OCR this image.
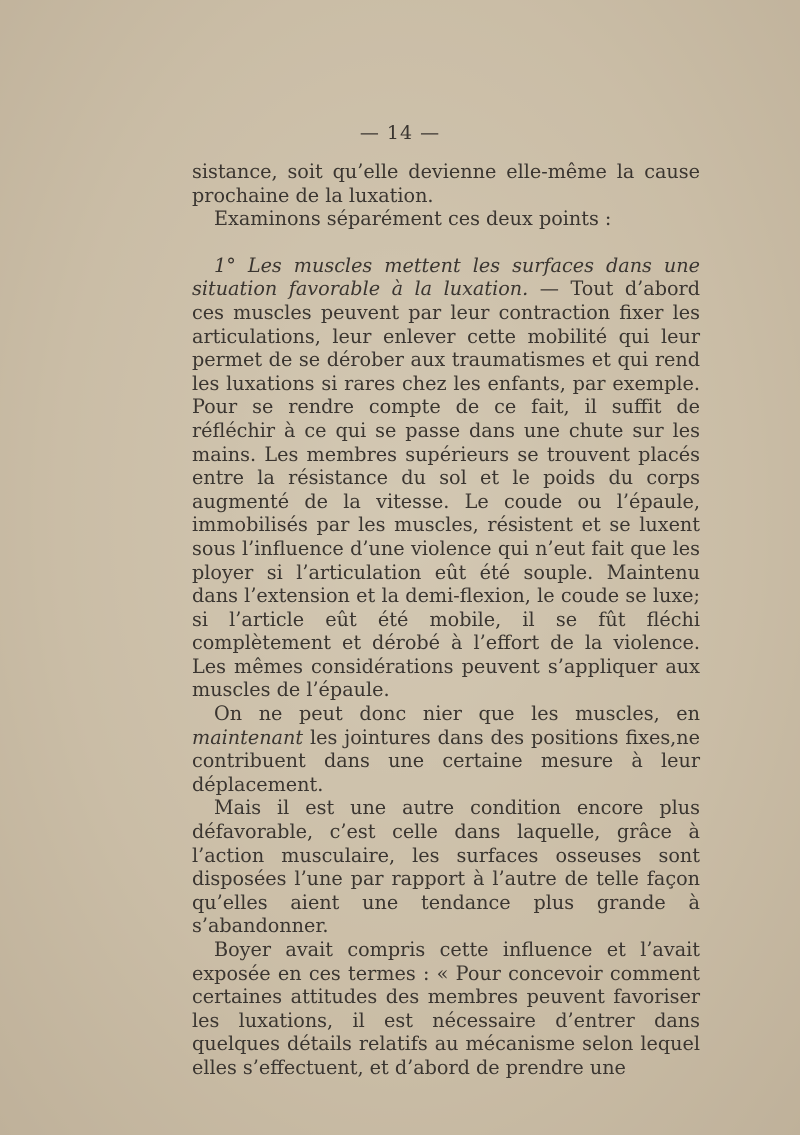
— 14 —

sistance, soit qu’elle devienne elle-même la cause prochaine de la luxation.

Examinons séparément ces deux points :

1° Les muscles mettent les surfaces dans une situation favorable à la luxation. — Tout d’abord ces muscles peuvent par leur contraction fixer les articulations, leur enlever cette mobilité qui leur permet de se dérober aux traumatismes et qui rend les luxations si rares chez les enfants, par exemple. Pour se rendre compte de ce fait, il suffit de réfléchir à ce qui se passe dans une chute sur les mains. Les membres supérieurs se trouvent placés entre la résistance du sol et le poids du corps augmenté de la vitesse. Le coude ou l’épaule, immobilisés par les muscles, résistent et se luxent sous l’influence d’une violence qui n’eut fait que les ployer si l’articulation eût été souple. Maintenu dans l’extension et la demi-flexion, le coude se luxe; si l’article eût été mobile, il se fût fléchi complètement et dérobé à l’effort de la violence. Les mêmes considérations peuvent s’appliquer aux muscles de l’épaule.

On ne peut donc nier que les muscles, en maintenant les jointures dans des positions fixes,ne contribuent dans une certaine mesure à leur déplacement.

Mais il est une autre condition encore plus défavorable, c’est celle dans laquelle, grâce à l’action musculaire, les surfaces osseuses sont disposées l’une par rapport à l’autre de telle façon qu’elles aient une tendance plus grande à s’abandonner.

Boyer avait compris cette influence et l’avait exposée en ces termes : « Pour concevoir comment certaines attitudes des membres peuvent favoriser les luxations, il est nécessaire d’entrer dans quelques détails relatifs au mécanisme selon lequel elles s’effectuent, et d’abord de prendre une
